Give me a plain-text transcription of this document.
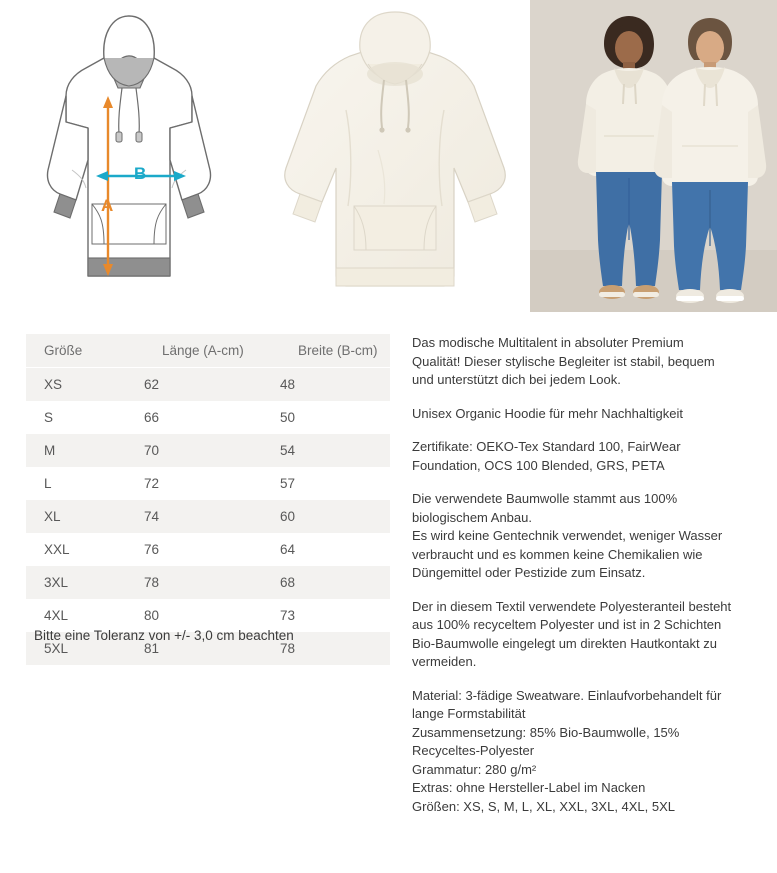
A
B
Größe	Länge (A-cm)	Breite (B-cm)
XS	62	48
S	66	50
M	70	54
L	72	57
XL	74	60
XXL	76	64
3XL	78	68
4XL	80	73
5XL	81	78
Bitte eine Toleranz von +/- 3,0 cm beachten

Das modische Multitalent in absoluter Premium Qualität! Dieser stylische Begleiter ist stabil, bequem und unterstützt dich bei jedem Look.

Unisex Organic Hoodie für mehr Nachhaltigkeit

Zertifikate: OEKO-Tex Standard 100, FairWear Foundation, OCS 100 Blended, GRS, PETA

Die verwendete Baumwolle stammt aus 100% biologischem Anbau.

Es wird keine Gentechnik verwendet, weniger Wasser verbraucht und es kommen keine Chemikalien wie Düngemittel oder Pestizide zum Einsatz.

Der in diesem Textil verwendete Polyesteranteil besteht aus 100% recyceltem Polyester und ist in 2 Schichten Bio-Baumwolle eingelegt um direkten Hautkontakt zu vermeiden.

Material: 3-fädige Sweatware. Einlaufvorbehandelt für lange Formstabilität

Zusammensetzung: 85% Bio-Baumwolle, 15% Recyceltes-Polyester

Grammatur: 280 g/m²

Extras: ohne Hersteller-Label im Nacken

Größen: XS, S, M, L, XL, XXL, 3XL, 4XL, 5XL
